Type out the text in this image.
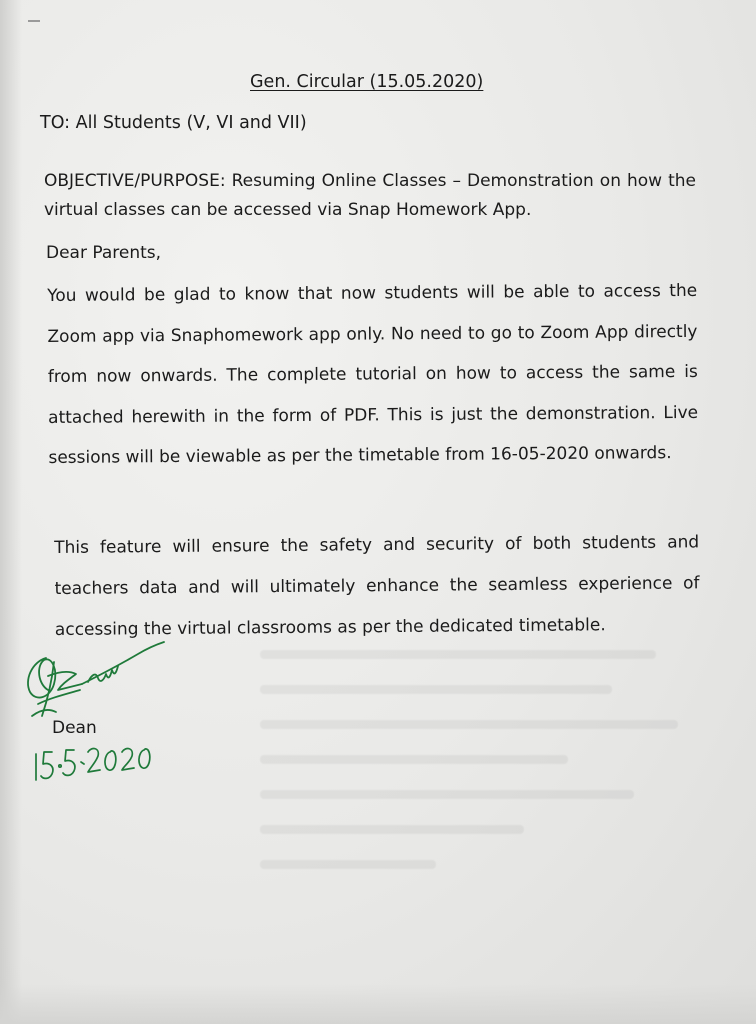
Gen. Circular (15.05.2020)
TO: All Students (V, VI and VII)
OBJECTIVE/PURPOSE: Resuming Online Classes – Demonstration on how the virtual classes can be accessed via Snap Homework App.
Dear Parents,
You would be glad to know that now students will be able to access the Zoom app via Snaphomework app only. No need to go to Zoom App directly from now onwards. The complete tutorial on how to access the same is attached herewith in the form of PDF. This is just the demonstration. Live sessions will be viewable as per the timetable from 16-05-2020 onwards.
This feature will ensure the safety and security of both students and teachers data and will ultimately enhance the seamless experience of accessing the virtual classrooms as per the dedicated timetable.
Dean
